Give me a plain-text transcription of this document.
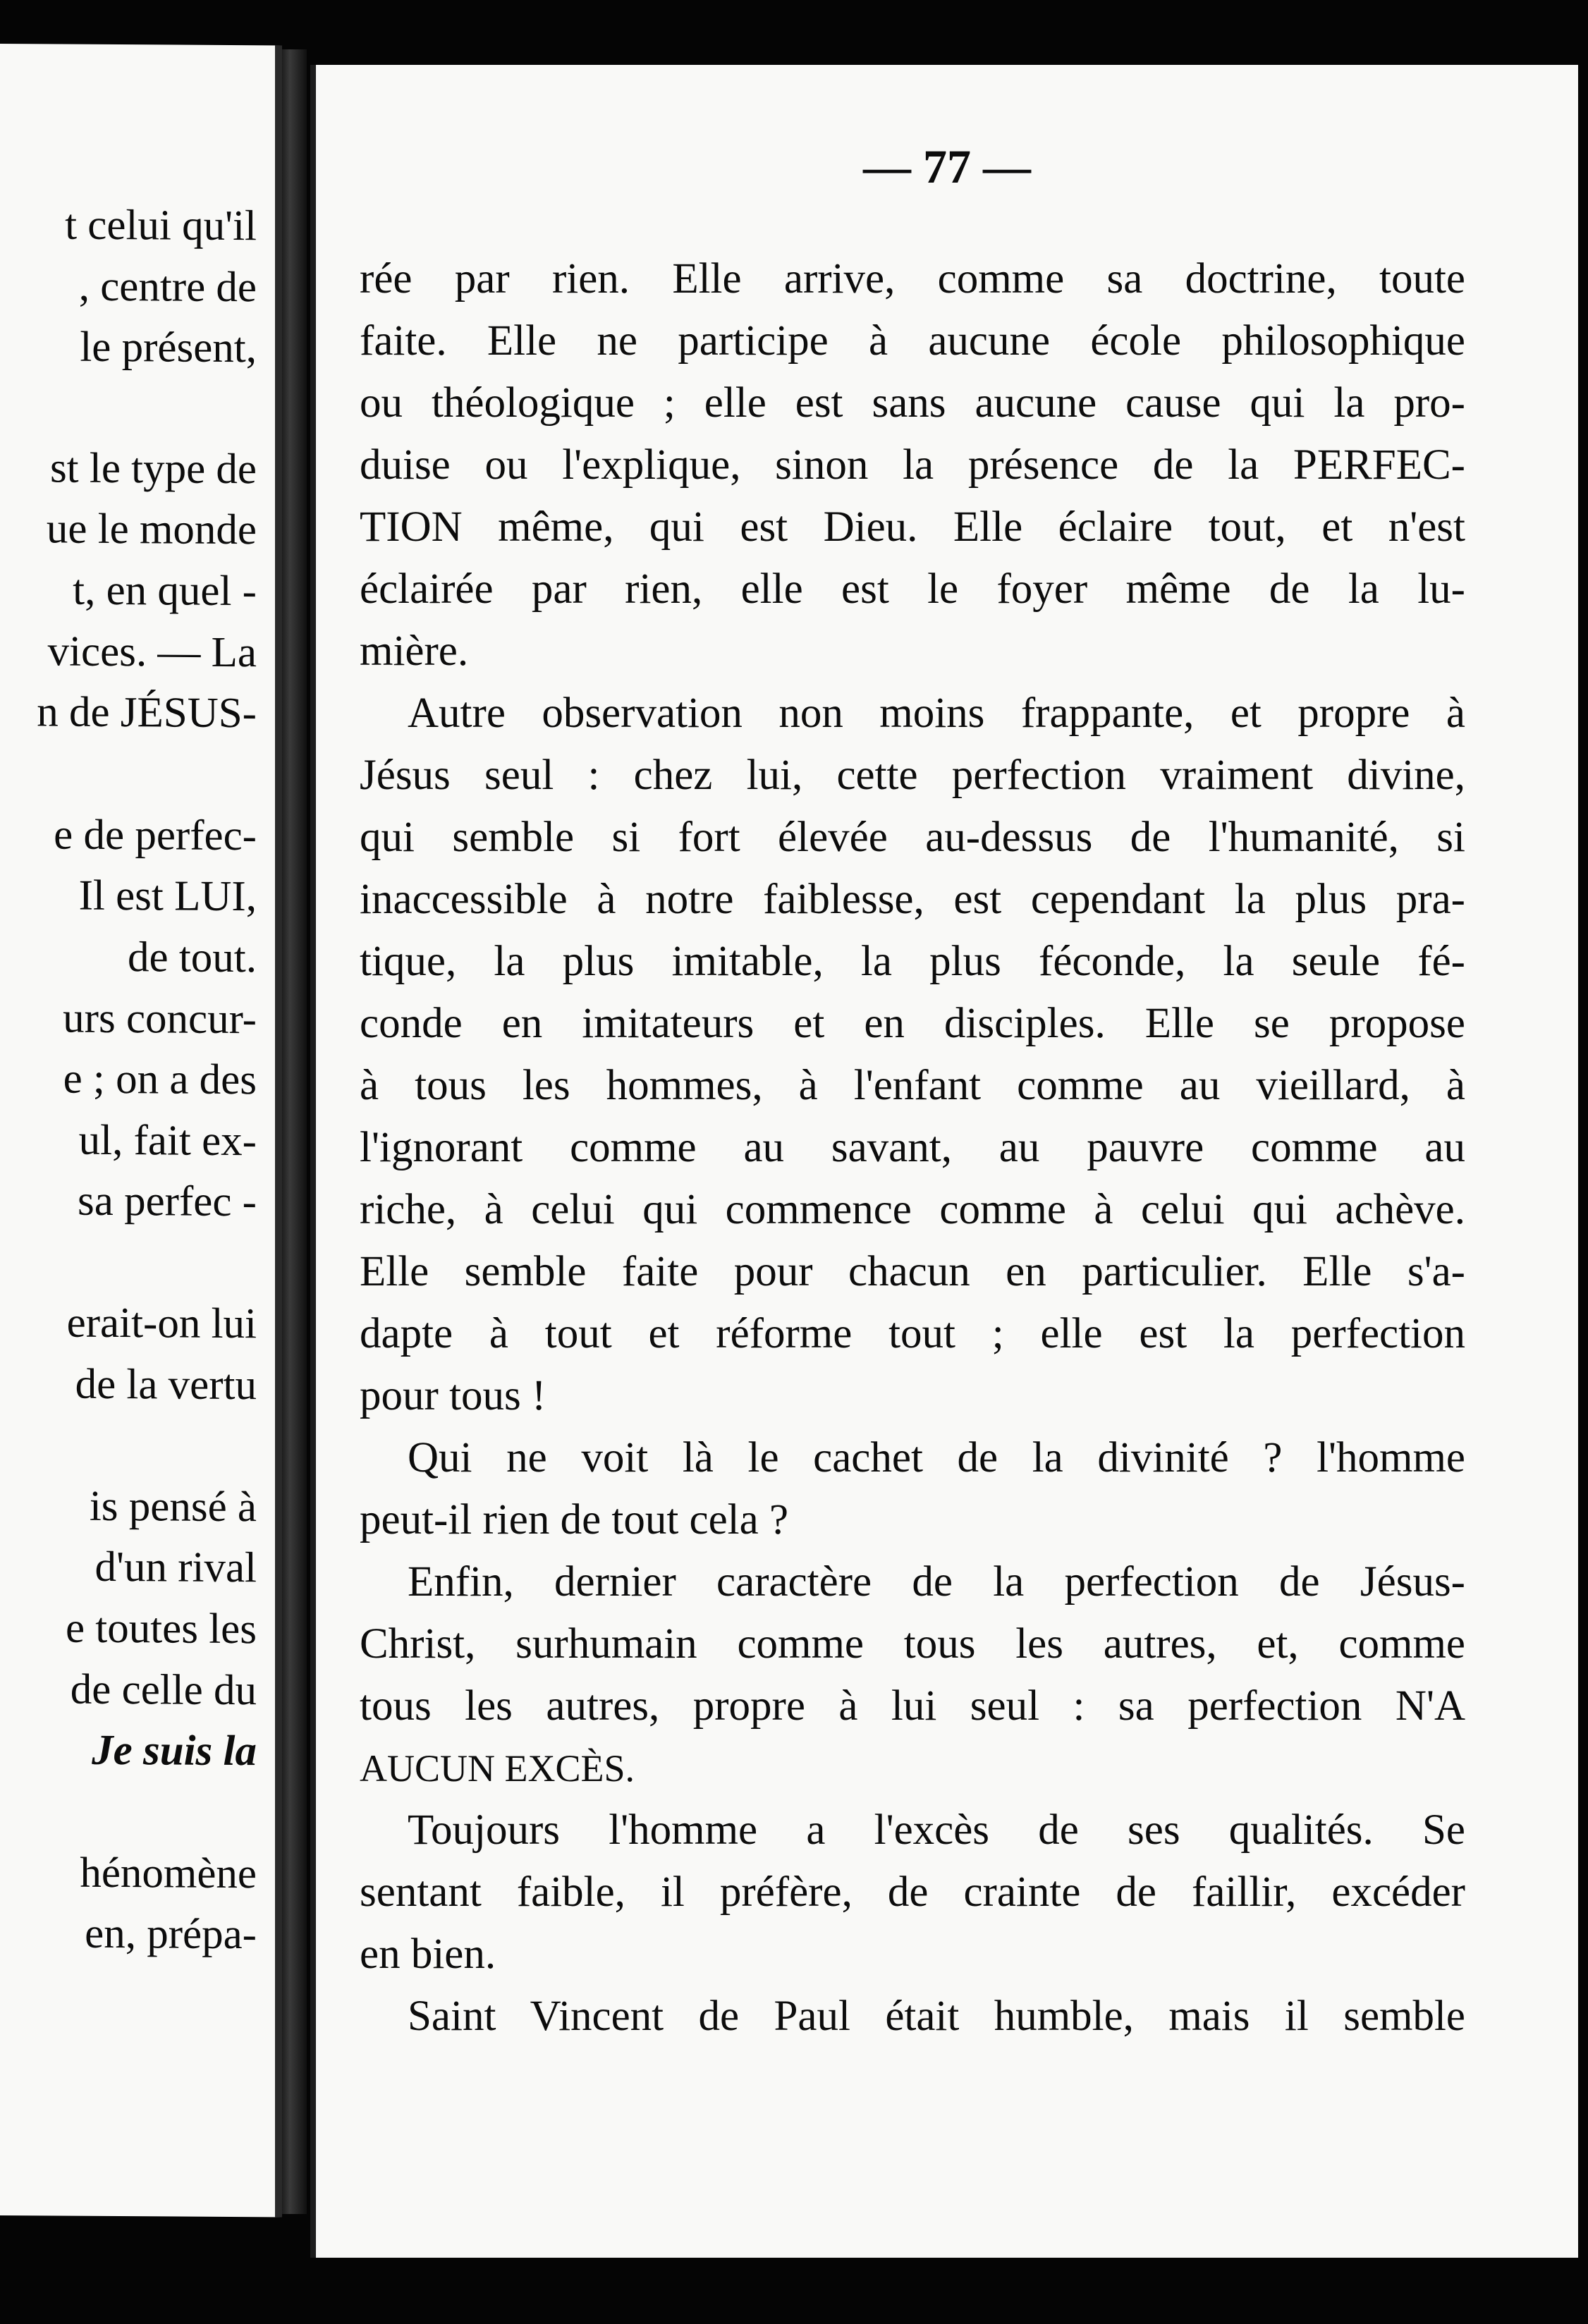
t celui qu'il
, centre de
le présent,
st le type de
ue le monde
t, en quel -
vices. — La
n de JÉSUS-
e de perfec-
Il est LUI,
de tout.
urs concur-
e ; on a des
ul, fait ex-
sa perfec -
erait-on lui
de la vertu
is pensé à
d'un rival
e toutes les
de celle du
Je suis la
hénomène
en, prépa-
— 77 —
rée par rien. Elle arrive, comme sa doctrine, toute
faite. Elle ne participe à aucune école philosophique
ou théologique ; elle est sans aucune cause qui la pro-
duise ou l'explique, sinon la présence de la PERFEC-
TION même, qui est Dieu. Elle éclaire tout, et n'est
éclairée par rien, elle est le foyer même de la lu-
mière.
Autre observation non moins frappante, et propre à
Jésus seul : chez lui, cette perfection vraiment divine,
qui semble si fort élevée au-dessus de l'humanité, si
inaccessible à notre faiblesse, est cependant la plus pra-
tique, la plus imitable, la plus féconde, la seule fé-
conde en imitateurs et en disciples. Elle se propose
à tous les hommes, à l'enfant comme au vieillard, à
l'ignorant comme au savant, au pauvre comme au
riche, à celui qui commence comme à celui qui achève.
Elle semble faite pour chacun en particulier. Elle s'a-
dapte à tout et réforme tout ; elle est la perfection
pour tous !
Qui ne voit là le cachet de la divinité ? l'homme
peut-il rien de tout cela ?
Enfin, dernier caractère de la perfection de Jésus-
Christ, surhumain comme tous les autres, et, comme
tous les autres, propre à lui seul : sa perfection N'A
AUCUN EXCÈS.
Toujours l'homme a l'excès de ses qualités. Se
sentant faible, il préfère, de crainte de faillir, excéder
en bien.
Saint Vincent de Paul était humble, mais il semble
